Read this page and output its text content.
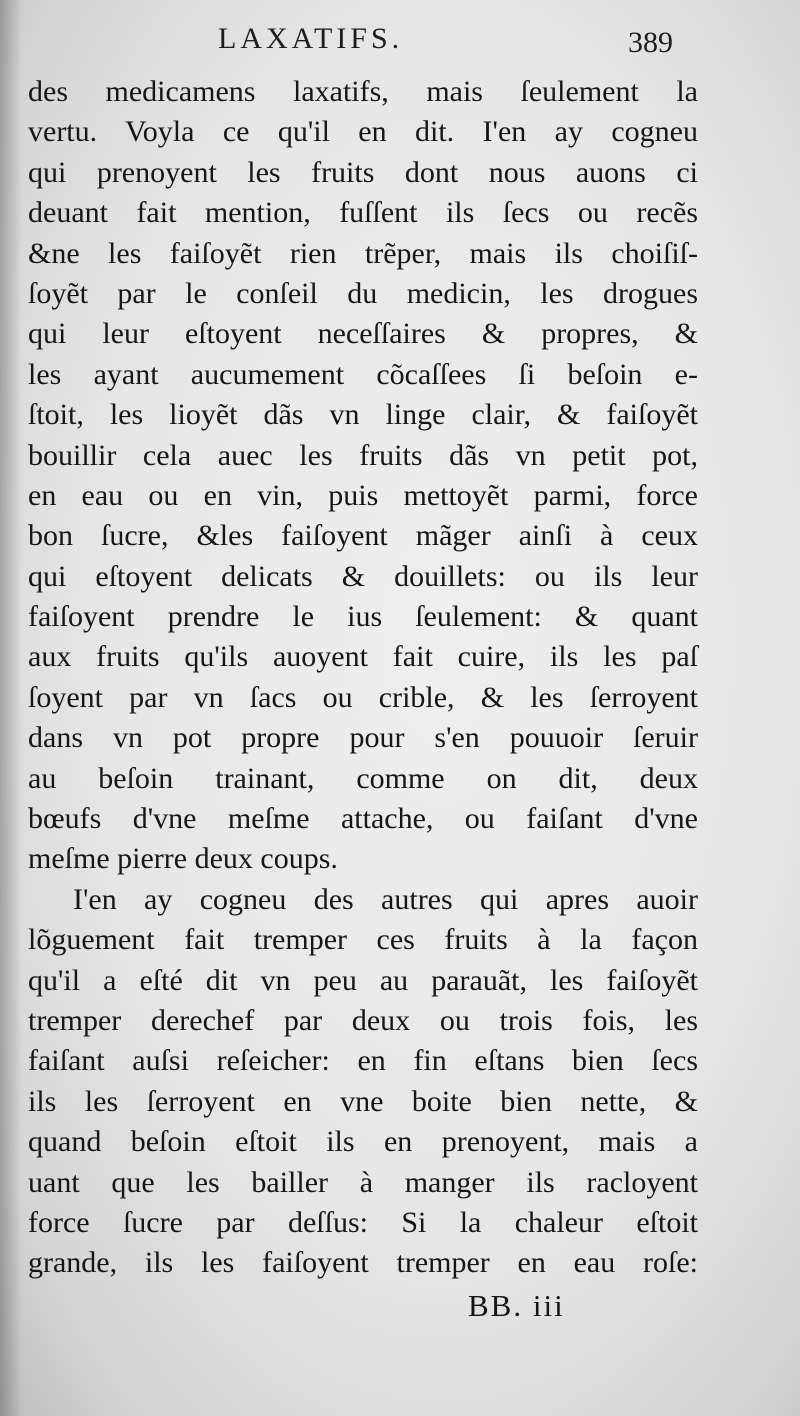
LAXATIFS.	389
des medicamens laxatifs, mais ſeulement la
vertu. Voyla ce qu'il en dit. I'en ay cogneu
qui prenoyent les fruits dont nous auons ci
deuant fait mention, fuſſent ils ſecs ou recẽs
&ne les faiſoyẽt rien trẽper, mais ils choiſiſ-
ſoyẽt par le conſeil du medicin, les drogues
qui leur eſtoyent neceſſaires & propres, &
les ayant aucumement cõcaſſees ſi beſoin e-
ſtoit, les lioyẽt dãs vn linge clair, & faiſoyẽt
bouillir cela auec les fruits dãs vn petit pot,
en eau ou en vin, puis mettoyẽt parmi, force
bon ſucre, &les faiſoyent mãger ainſi à ceux
qui eſtoyent delicats & douillets: ou ils leur
faiſoyent prendre le ius ſeulement: & quant
aux fruits qu'ils auoyent fait cuire, ils les paſ
ſoyent par vn ſacs ou crible, & les ſerroyent
dans vn pot propre pour s'en pouuoir ſeruir
au beſoin trainant, comme on dit, deux
bœufs d'vne meſme attache, ou faiſant d'vne
meſme pierre deux coups.
I'en ay cogneu des autres qui apres auoir
lõguement fait tremper ces fruits à la façon
qu'il a eſté dit vn peu au parauãt, les faiſoyẽt
tremper derechef par deux ou trois fois, les
faiſant auſsi reſeicher: en fin eſtans bien ſecs
ils les ſerroyent en vne boite bien nette, &
quand beſoin eſtoit ils en prenoyent, mais a
uant que les bailler à manger ils racloyent
force ſucre par deſſus: Si la chaleur eſtoit
grande, ils les faiſoyent tremper en eau roſe:
BB. iii
